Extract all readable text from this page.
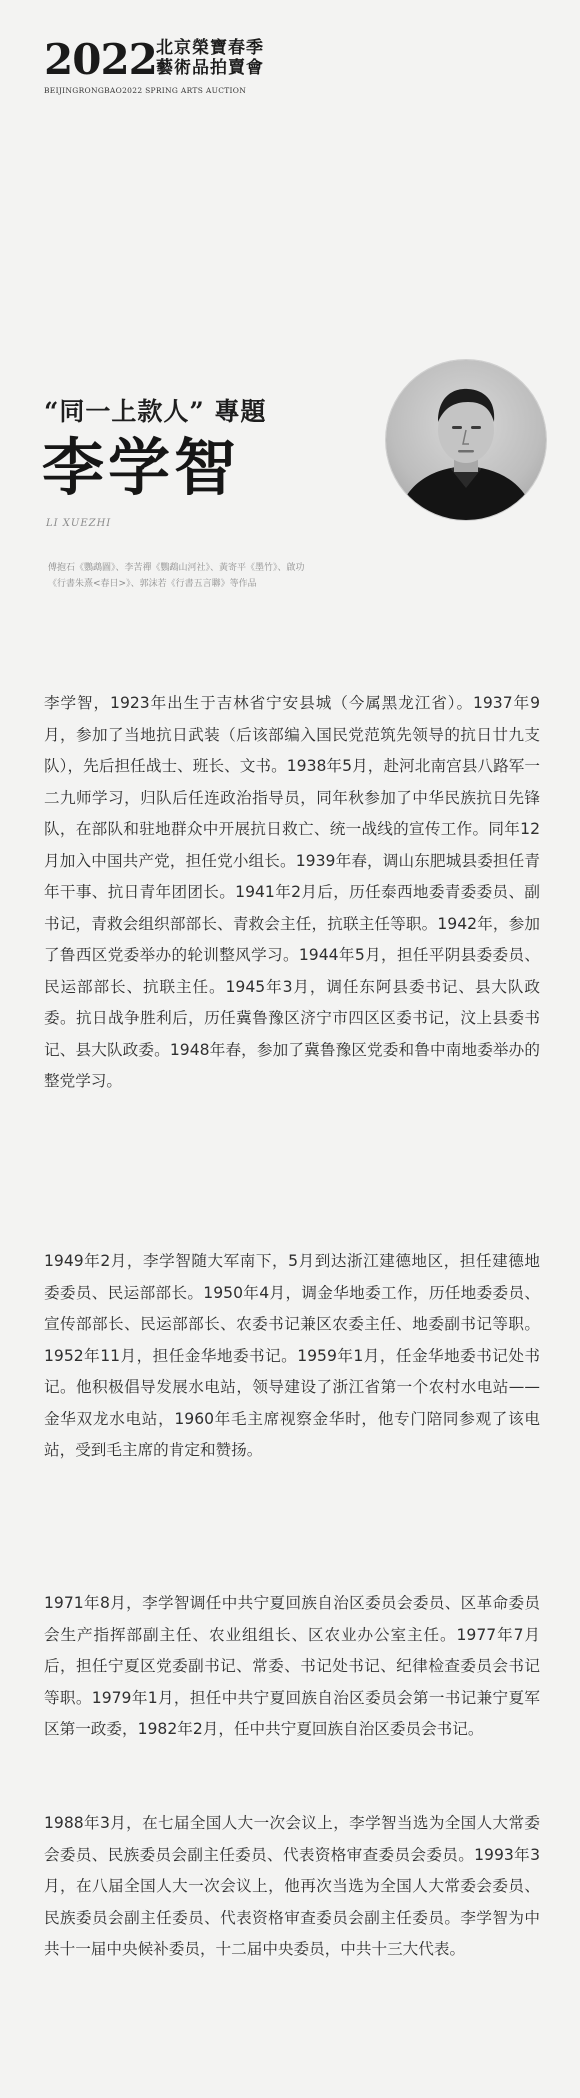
2022 北京榮寶春季
藝術品拍賣會
BEIJINGRONGBAO2022 SPRING ARTS AUCTION
“同一上款人” 專題
李学智
LI XUEZHI
傅抱石《鸚鵡圖》、李苦禪《鸚鵡山河社》、黃寄平《墨竹》、啟功《行書朱熹<春日>》、郭沫若《行書五言聯》等作品

李学智，1923年出生于吉林省宁安县城（今属黑龙江省）。1937年9月，参加了当地抗日武装（后该部编入国民党范筑先领导的抗日廿九支队），先后担任战士、班长、文书。1938年5月，赴河北南宫县八路军一二九师学习，归队后任连政治指导员，同年秋参加了中华民族抗日先锋队，在部队和驻地群众中开展抗日救亡、统一战线的宣传工作。同年12月加入中国共产党，担任党小组长。1939年春，调山东肥城县委担任青年干事、抗日青年团团长。1941年2月后，历任泰西地委青委委员、副书记，青救会组织部部长、青救会主任，抗联主任等职。1942年，参加了鲁西区党委举办的轮训整风学习。1944年5月，担任平阴县委委员、民运部部长、抗联主任。1945年3月，调任东阿县委书记、县大队政委。抗日战争胜利后，历任冀鲁豫区济宁市四区区委书记，汶上县委书记、县大队政委。1948年春，参加了冀鲁豫区党委和鲁中南地委举办的整党学习。

1949年2月，李学智随大军南下，5月到达浙江建德地区，担任建德地委委员、民运部部长。1950年4月，调金华地委工作，历任地委委员、宣传部部长、民运部部长、农委书记兼区农委主任、地委副书记等职。1952年11月，担任金华地委书记。1959年1月，任金华地委书记处书记。他积极倡导发展水电站，领导建设了浙江省第一个农村水电站——金华双龙水电站，1960年毛主席视察金华时，他专门陪同参观了该电站，受到毛主席的肯定和赞扬。

1971年8月，李学智调任中共宁夏回族自治区委员会委员、区革命委员会生产指挥部副主任、农业组组长、区农业办公室主任。1977年7月后，担任宁夏区党委副书记、常委、书记处书记、纪律检查委员会书记等职。1979年1月，担任中共宁夏回族自治区委员会第一书记兼宁夏军区第一政委，1982年2月，任中共宁夏回族自治区委员会书记。

1988年3月，在七届全国人大一次会议上，李学智当选为全国人大常委会委员、民族委员会副主任委员、代表资格审查委员会委员。1993年3月，在八届全国人大一次会议上，他再次当选为全国人大常委会委员、民族委员会副主任委员、代表资格审查委员会副主任委员。李学智为中共十一届中央候补委员，十二届中央委员，中共十三大代表。
